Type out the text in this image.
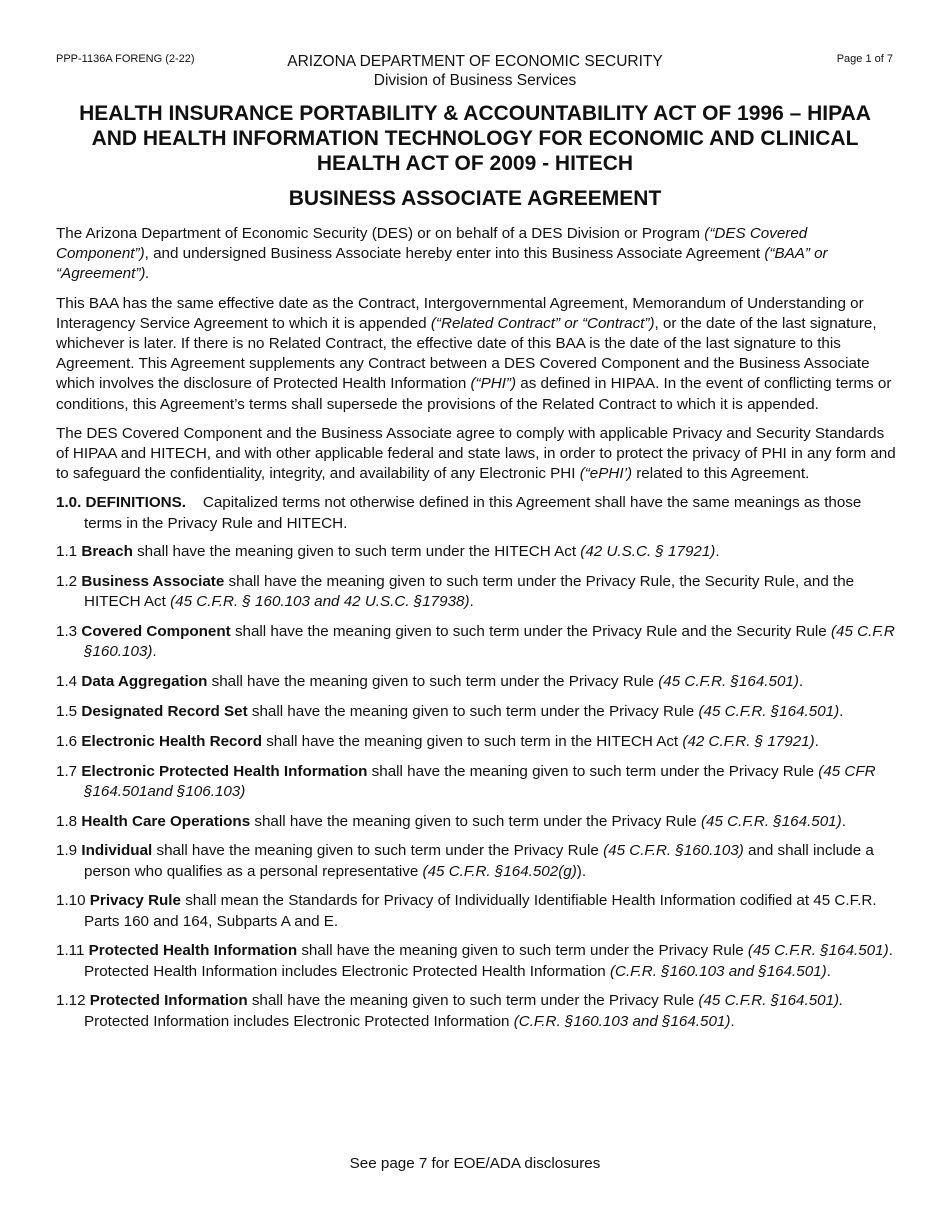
PPP-1136A FORENG (2-22)	ARIZONA DEPARTMENT OF ECONOMIC SECURITY
Division of Business Services
Page 1 of 7
HEALTH INSURANCE PORTABILITY & ACCOUNTABILITY ACT OF 1996 – HIPAA
AND HEALTH INFORMATION TECHNOLOGY FOR ECONOMIC AND CLINICAL
HEALTH ACT OF 2009 - HITECH
BUSINESS ASSOCIATE AGREEMENT

The Arizona Department of Economic Security (DES) or on behalf of a DES Division or Program (“DES Covered Component”), and undersigned Business Associate hereby enter into this Business Associate Agreement (“BAA” or “Agreement”).

This BAA has the same effective date as the Contract, Intergovernmental Agreement, Memorandum of Understanding or Interagency Service Agreement to which it is appended (“Related Contract” or “Contract”), or the date of the last signature, whichever is later. If there is no Related Contract, the effective date of this BAA is the date of the last signature to this Agreement. This Agreement supplements any Contract between a DES Covered Component and the Business Associate which involves the disclosure of Protected Health Information (“PHI”) as defined in HIPAA. In the event of conflicting terms or conditions, this Agreement’s terms shall supersede the provisions of the Related Contract to which it is appended.

The DES Covered Component and the Business Associate agree to comply with applicable Privacy and Security Standards of HIPAA and HITECH, and with other applicable federal and state laws, in order to protect the privacy of PHI in any form and to safeguard the confidentiality, integrity, and availability of any Electronic PHI (“ePHI’) related to this Agreement.

1.0. DEFINITIONS. Capitalized terms not otherwise defined in this Agreement shall have the same meanings as those terms in the Privacy Rule and HITECH.

1.1 Breach shall have the meaning given to such term under the HITECH Act (42 U.S.C. § 17921).

1.2 Business Associate shall have the meaning given to such term under the Privacy Rule, the Security Rule, and the HITECH Act (45 C.F.R. § 160.103 and 42 U.S.C. §17938).

1.3 Covered Component shall have the meaning given to such term under the Privacy Rule and the Security Rule (45 C.F.R §160.103).

1.4 Data Aggregation shall have the meaning given to such term under the Privacy Rule (45 C.F.R. §164.501).

1.5 Designated Record Set shall have the meaning given to such term under the Privacy Rule (45 C.F.R. §164.501).

1.6 Electronic Health Record shall have the meaning given to such term in the HITECH Act (42 C.F.R. § 17921).

1.7 Electronic Protected Health Information shall have the meaning given to such term under the Privacy Rule (45 CFR §164.501and §106.103)

1.8 Health Care Operations shall have the meaning given to such term under the Privacy Rule (45 C.F.R. §164.501).

1.9 Individual shall have the meaning given to such term under the Privacy Rule (45 C.F.R. §160.103) and shall include a person who qualifies as a personal representative (45 C.F.R. §164.502(g)).

1.10 Privacy Rule shall mean the Standards for Privacy of Individually Identifiable Health Information codified at 45 C.F.R. Parts 160 and 164, Subparts A and E.

1.11 Protected Health Information shall have the meaning given to such term under the Privacy Rule (45 C.F.R. §164.501). Protected Health Information includes Electronic Protected Health Information (C.F.R. §160.103 and §164.501).

1.12 Protected Information shall have the meaning given to such term under the Privacy Rule (45 C.F.R. §164.501). Protected Information includes Electronic Protected Information (C.F.R. §160.103 and §164.501).

See page 7 for EOE/ADA disclosures
